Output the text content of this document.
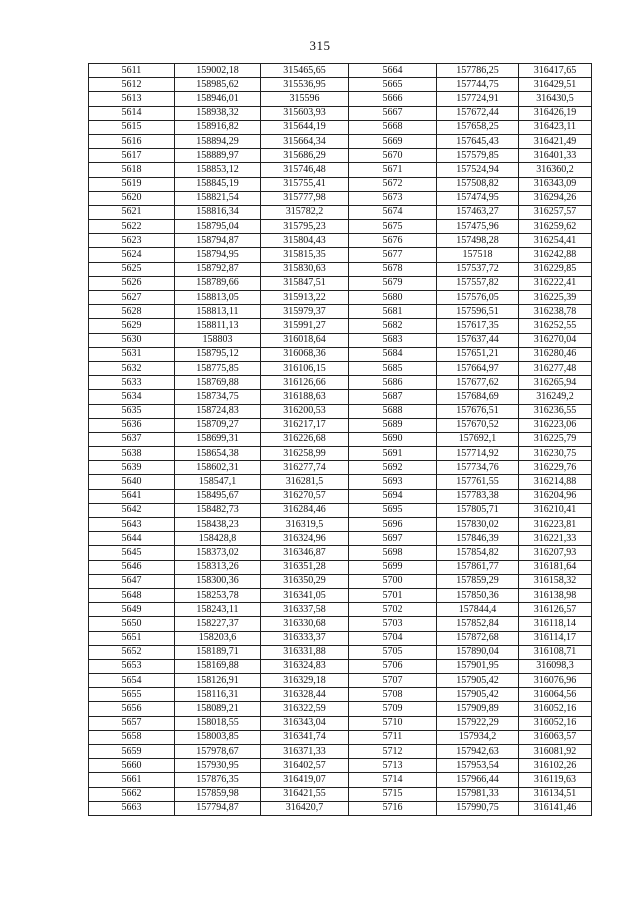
315
5611	159002,18	315465,65	5664	157786,25	316417,65
5612	158985,62	315536,95	5665	157744,75	316429,51
5613	158946,01	315596	5666	157724,91	316430,5
5614	158938,32	315603,93	5667	157672,44	316426,19
5615	158916,82	315644,19	5668	157658,25	316423,11
5616	158894,29	315664,34	5669	157645,43	316421,49
5617	158889,97	315686,29	5670	157579,85	316401,33
5618	158853,12	315746,48	5671	157524,94	316360,2
5619	158845,19	315755,41	5672	157508,82	316343,09
5620	158821,54	315777,98	5673	157474,95	316294,26
5621	158816,34	315782,2	5674	157463,27	316257,57
5622	158795,04	315795,23	5675	157475,96	316259,62
5623	158794,87	315804,43	5676	157498,28	316254,41
5624	158794,95	315815,35	5677	157518	316242,88
5625	158792,87	315830,63	5678	157537,72	316229,85
5626	158789,66	315847,51	5679	157557,82	316222,41
5627	158813,05	315913,22	5680	157576,05	316225,39
5628	158813,11	315979,37	5681	157596,51	316238,78
5629	158811,13	315991,27	5682	157617,35	316252,55
5630	158803	316018,64	5683	157637,44	316270,04
5631	158795,12	316068,36	5684	157651,21	316280,46
5632	158775,85	316106,15	5685	157664,97	316277,48
5633	158769,88	316126,66	5686	157677,62	316265,94
5634	158734,75	316188,63	5687	157684,69	316249,2
5635	158724,83	316200,53	5688	157676,51	316236,55
5636	158709,27	316217,17	5689	157670,52	316223,06
5637	158699,31	316226,68	5690	157692,1	316225,79
5638	158654,38	316258,99	5691	157714,92	316230,75
5639	158602,31	316277,74	5692	157734,76	316229,76
5640	158547,1	316281,5	5693	157761,55	316214,88
5641	158495,67	316270,57	5694	157783,38	316204,96
5642	158482,73	316284,46	5695	157805,71	316210,41
5643	158438,23	316319,5	5696	157830,02	316223,81
5644	158428,8	316324,96	5697	157846,39	316221,33
5645	158373,02	316346,87	5698	157854,82	316207,93
5646	158313,26	316351,28	5699	157861,77	316181,64
5647	158300,36	316350,29	5700	157859,29	316158,32
5648	158253,78	316341,05	5701	157850,36	316138,98
5649	158243,11	316337,58	5702	157844,4	316126,57
5650	158227,37	316330,68	5703	157852,84	316118,14
5651	158203,6	316333,37	5704	157872,68	316114,17
5652	158189,71	316331,88	5705	157890,04	316108,71
5653	158169,88	316324,83	5706	157901,95	316098,3
5654	158126,91	316329,18	5707	157905,42	316076,96
5655	158116,31	316328,44	5708	157905,42	316064,56
5656	158089,21	316322,59	5709	157909,89	316052,16
5657	158018,55	316343,04	5710	157922,29	316052,16
5658	158003,85	316341,74	5711	157934,2	316063,57
5659	157978,67	316371,33	5712	157942,63	316081,92
5660	157930,95	316402,57	5713	157953,54	316102,26
5661	157876,35	316419,07	5714	157966,44	316119,63
5662	157859,98	316421,55	5715	157981,33	316134,51
5663	157794,87	316420,7	5716	157990,75	316141,46
